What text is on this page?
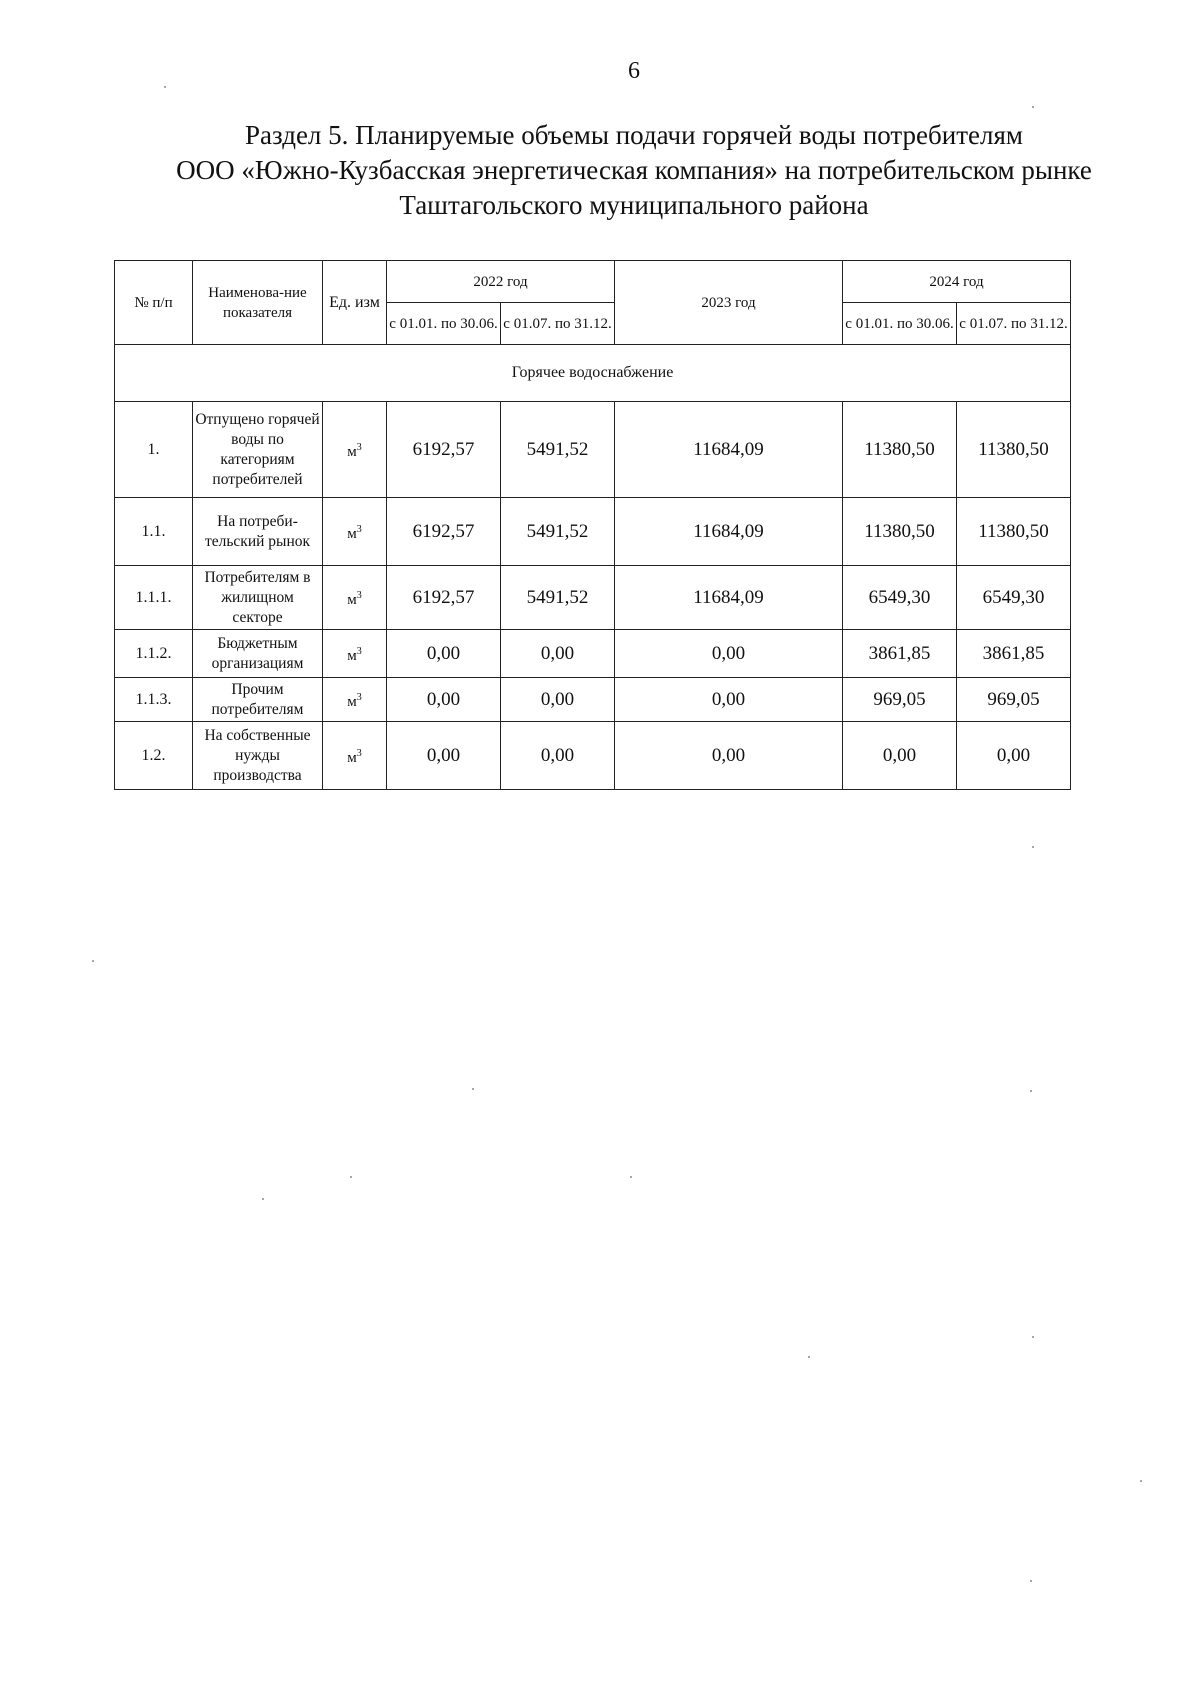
6
Раздел 5. Планируемые объемы подачи горячей воды потребителям
ООО «Южно-Кузбасская энергетическая компания» на потребительском рынке
Таштагольского муниципального района
№ п/п	Наименова-ние показателя	Ед. изм	2022 год		2023 год	2024 год	
			с 01.01. по 30.06.	с 01.07. по 31.12.		с 01.01. по 30.06.	с 01.07. по 31.12.
Горячее водоснабжение							
1.	Отпущено горячей воды по категориям потребителей	$м^3$	6192,57	5491,52	11684,09	11380,50	11380,50
1.1.	На потреби-тельский рынок	$м^3$	6192,57	5491,52	11684,09	11380,50	11380,50
1.1.1.	Потребителям в жилищном секторе	$м^3$	6192,57	5491,52	11684,09	6549,30	6549,30
1.1.2.	Бюджетным организациям	$м^3$	0,00	0,00	0,00	3861,85	3861,85
1.1.3.	Прочим потребителям	$м^3$	0,00	0,00	0,00	969,05	969,05
1.2.	На собственные нужды производства	$м^3$	0,00	0,00	0,00	0,00	0,00
